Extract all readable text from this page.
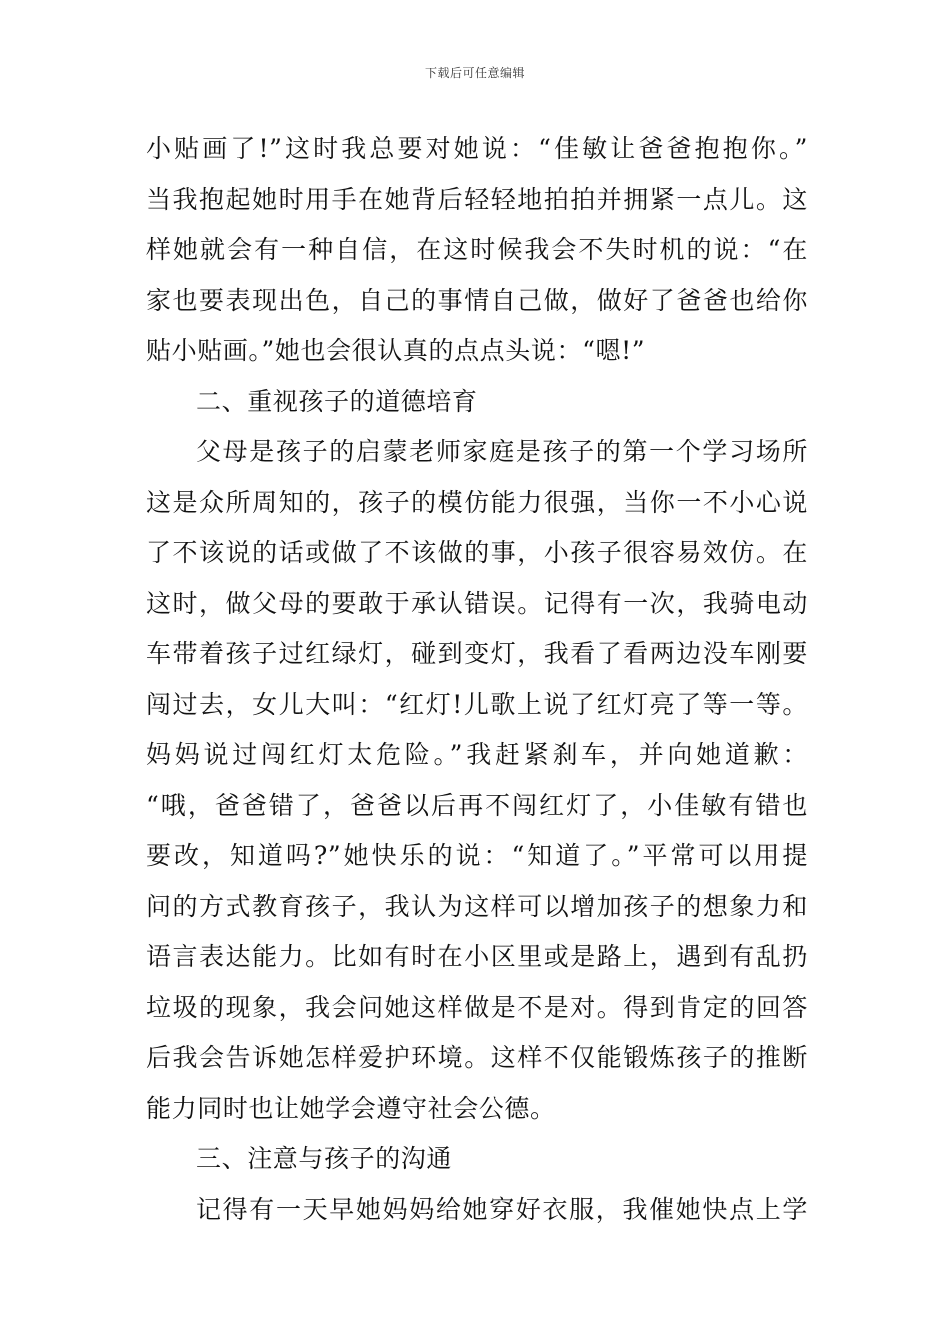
下载后可任意编辑
小贴画了!”这时我总要对她说：“佳敏让爸爸抱抱你。”
当我抱起她时用手在她背后轻轻地拍拍并拥紧一点儿。这
样她就会有一种自信，在这时候我会不失时机的说：“在
家也要表现出色，自己的事情自己做，做好了爸爸也给你
贴小贴画。”她也会很认真的点点头说：“嗯!”
二、重视孩子的道德培育
父母是孩子的启蒙老师家庭是孩子的第一个学习场所
这是众所周知的，孩子的模仿能力很强，当你一不小心说
了不该说的话或做了不该做的事，小孩子很容易效仿。在
这时，做父母的要敢于承认错误。记得有一次，我骑电动
车带着孩子过红绿灯，碰到变灯，我看了看两边没车刚要
闯过去，女儿大叫：“红灯!儿歌上说了红灯亮了等一等。
妈妈说过闯红灯太危险。”我赶紧刹车，并向她道歉：
“哦，爸爸错了，爸爸以后再不闯红灯了，小佳敏有错也
要改，知道吗?”她快乐的说：“知道了。”平常可以用提
问的方式教育孩子，我认为这样可以增加孩子的想象力和
语言表达能力。比如有时在小区里或是路上，遇到有乱扔
垃圾的现象，我会问她这样做是不是对。得到肯定的回答
后我会告诉她怎样爱护环境。这样不仅能锻炼孩子的推断
能力同时也让她学会遵守社会公德。
三、注意与孩子的沟通
记得有一天早她妈妈给她穿好衣服，我催她快点上学
